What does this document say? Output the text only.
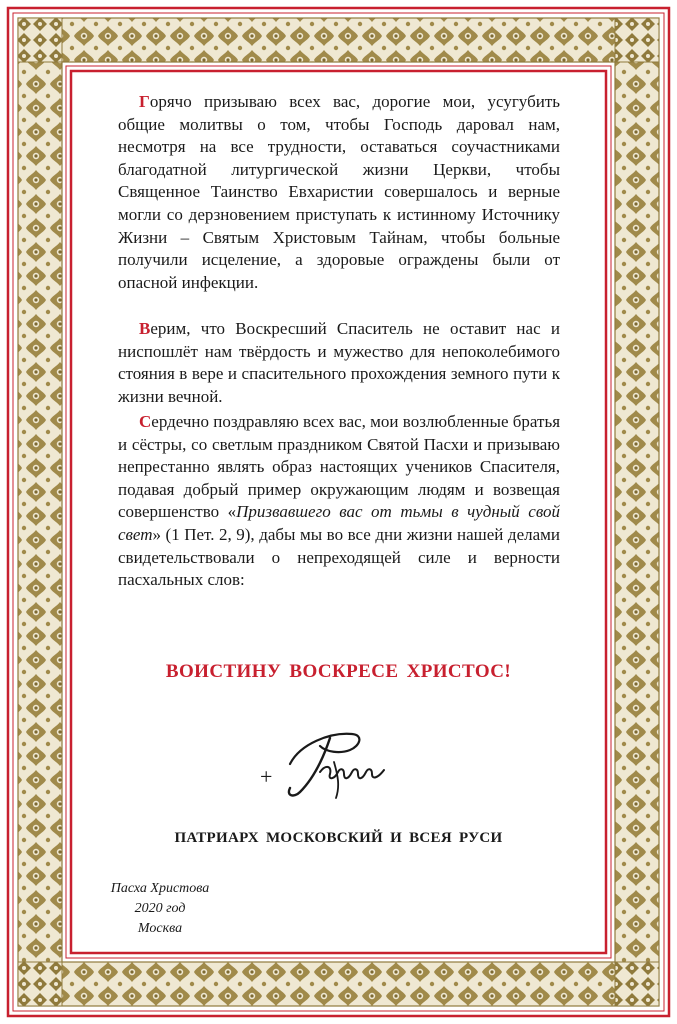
Горячо призываю всех вас, дорогие мои, усугубить общие молитвы о том, чтобы Господь даровал нам, несмотря на все трудности, оставаться соучастниками благодатной литургической жизни Церкви, чтобы Священное Таинство Евхаристии совершалось и верные могли со дерзновением приступать к истинному Источнику Жизни – Святым Христовым Тайнам, чтобы больные получили исцеление, а здоровые ограждены были от опасной инфекции.

Верим, что Воскресший Спаситель не оставит нас и ниспошлёт нам твёрдость и мужество для непоколебимого стояния в вере и спасительного прохождения земного пути к жизни вечной.

Сердечно поздравляю всех вас, мои возлюбленные братья и сёстры, со светлым праздником Святой Пасхи и призываю непрестанно являть образ настоящих учеников Спасителя, подавая добрый пример окружающим людям и возвещая совершенство «Призвавшего вас от тьмы в чудный свой свет» (1 Пет. 2, 9), дабы мы во все дни жизни нашей делами свидетельствовали о непреходящей силе и верности пасхальных слов:

ВОИСТИНУ ВОСКРЕСЕ ХРИСТОС!

+

ПАТРИАРХ МОСКОВСКИЙ И ВСЕЯ РУСИ

Пасха Христова
2020 год
Москва
